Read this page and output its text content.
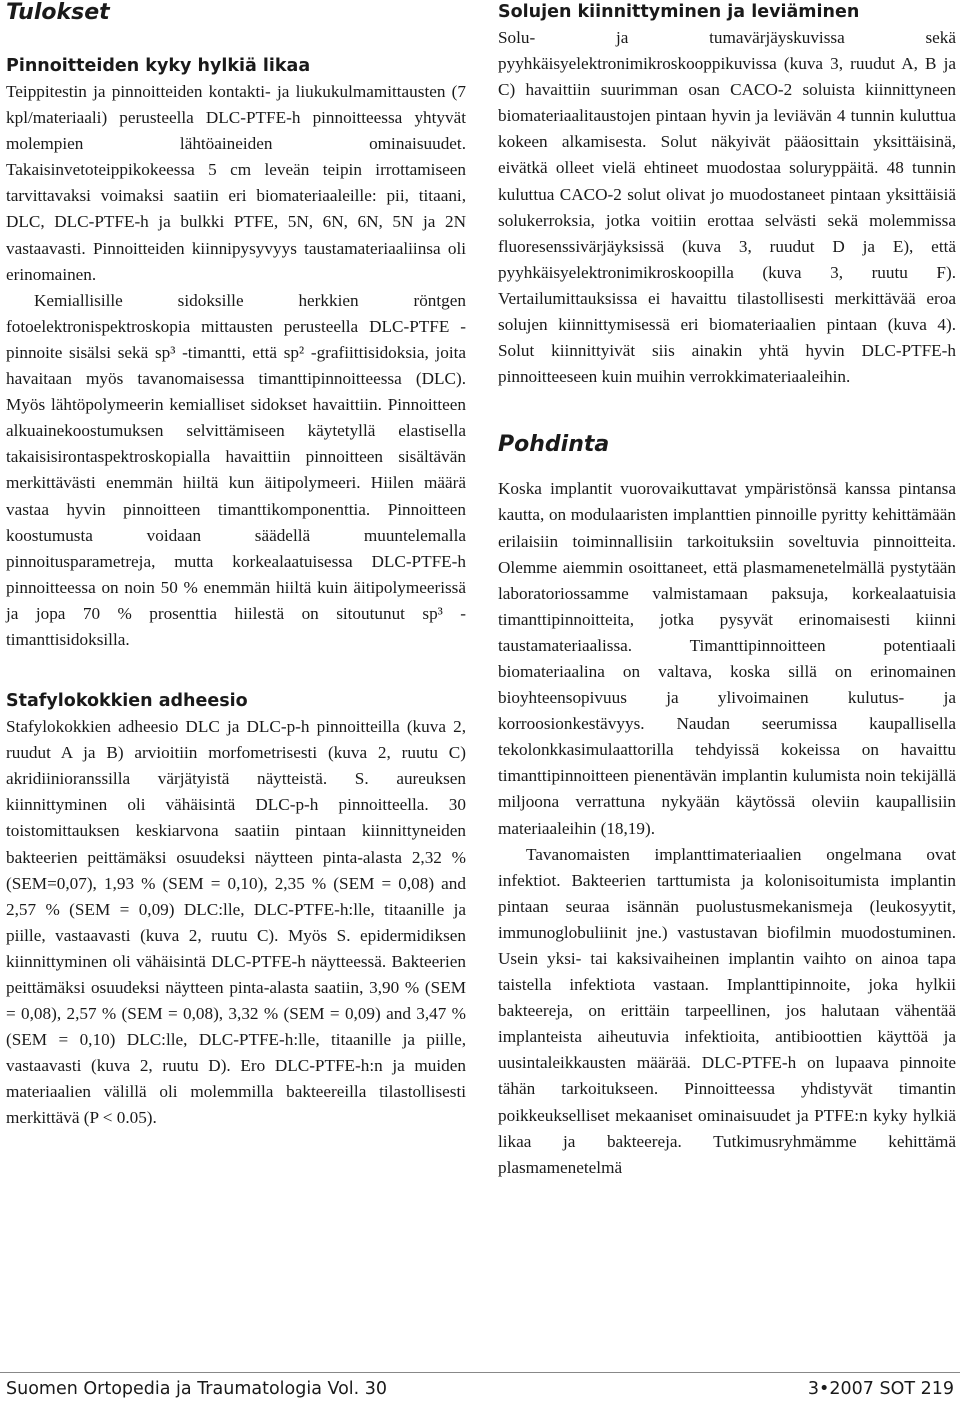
Tulokset
Pinnoitteiden kyky hylkiä likaa

Teippitestin ja pinnoitteiden kontakti- ja liukukulmamittausten (7 kpl/materiaali) perusteella DLC-PTFE-h pinnoitteessa yhtyvät molempien lähtöaineiden ominaisuudet. Takaisinvetoteippikokeessa 5 cm leveän teipin irrottamiseen tarvittavaksi voimaksi saatiin eri biomateriaaleille: pii, titaani, DLC, DLC-PTFE-h ja bulkki PTFE, 5N, 6N, 6N, 5N ja 2N vastaavasti. Pinnoitteiden kiinnipysyvyys taustamateriaaliinsa oli erinomainen.

Kemiallisille sidoksille herkkien röntgen fotoelektronispektroskopia mittausten perusteella DLC-PTFE -pinnoite sisälsi sekä sp³ -timantti, että sp² -grafiittisidoksia, joita havaitaan myös tavanomaisessa timanttipinnoitteessa (DLC). Myös lähtöpolymeerin kemialliset sidokset havaittiin. Pinnoitteen alkuainekoostumuksen selvittämiseen käytetyllä elastisella takaisisirontaspektroskopialla havaittiin pinnoitteen sisältävän merkittävästi enemmän hiiltä kun äitipolymeeri. Hiilen määrä vastaa hyvin pinnoitteen timanttikomponenttia. Pinnoitteen koostumusta voidaan säädellä muuntelemalla pinnoitusparametreja, mutta korkealaatuisessa DLC-PTFE-h pinnoitteessa on noin 50 % enemmän hiiltä kuin äitipolymeerissä ja jopa 70 % prosenttia hiilestä on sitoutunut sp³ -timanttisidoksilla.

Stafylokokkien adheesio

Stafylokokkien adheesio DLC ja DLC-p-h pinnoitteilla (kuva 2, ruudut A ja B) arvioitiin morfometrisesti (kuva 2, ruutu C) akridiinioranssilla värjätyistä näytteistä. S. aureuksen kiinnittyminen oli vähäisintä DLC-p-h pinnoitteella. 30 toistomittauksen keskiarvona saatiin pintaan kiinnittyneiden bakteerien peittämäksi osuudeksi näytteen pinta-alasta 2,32 % (SEM=0,07), 1,93 % (SEM = 0,10), 2,35 % (SEM = 0,08) and 2,57 % (SEM = 0,09) DLC:lle, DLC-PTFE-h:lle, titaanille ja piille, vastaavasti (kuva 2, ruutu C). Myös S. epidermidiksen kiinnittyminen oli vähäisintä DLC-PTFE-h näytteessä. Bakteerien peittämäksi osuudeksi näytteen pinta-alasta saatiin, 3,90 % (SEM = 0,08), 2,57 % (SEM = 0,08), 3,32 % (SEM = 0,09) and 3,47 % (SEM = 0,10) DLC:lle, DLC-PTFE-h:lle, titaanille ja piille, vastaavasti (kuva 2, ruutu D). Ero DLC-PTFE-h:n ja muiden materiaalien välillä oli molemmilla bakteereilla tilastollisesti merkittävä (P < 0.05).

Solujen kiinnittyminen ja leviäminen

Solu- ja tumavärjäyskuvissa sekä pyyhkäisyelektronimikroskooppikuvissa (kuva 3, ruudut A, B ja C) havaittiin suurimman osan CACO-2 soluista kiinnittyneen biomateriaalitaustojen pintaan hyvin ja leviävän 4 tunnin kuluttua kokeen alkamisesta. Solut näkyivät pääosittain yksittäisinä, eivätkä olleet vielä ehtineet muodostaa soluryppäitä. 48 tunnin kuluttua CACO-2 solut olivat jo muodostaneet pintaan yksittäisiä solukerroksia, jotka voitiin erottaa selvästi sekä molemmissa fluoresenssivärjäyksissä (kuva 3, ruudut D ja E), että pyyhkäisyelektronimikroskoopilla (kuva 3, ruutu F). Vertailumittauksissa ei havaittu tilastollisesti merkittävää eroa solujen kiinnittymisessä eri biomateriaalien pintaan (kuva 4). Solut kiinnittyivät siis ainakin yhtä hyvin DLC-PTFE-h pinnoitteeseen kuin muihin verrokkimateriaaleihin.

Pohdinta

Koska implantit vuorovaikuttavat ympäristönsä kanssa pintansa kautta, on modulaaristen implanttien pinnoille pyritty kehittämään erilaisiin toiminnallisiin tarkoituksiin soveltuvia pinnoitteita. Olemme aiemmin osoittaneet, että plasmamenetelmällä pystytään laboratoriossamme valmistamaan paksuja, korkealaatuisia timanttipinnoitteita, jotka pysyvät erinomaisesti kiinni taustamateriaalissa. Timanttipinnoitteen potentiaali biomateriaalina on valtava, koska sillä on erinomainen bioyhteensopivuus ja ylivoimainen kulutus- ja korroosionkestävyys. Naudan seerumissa kaupallisella tekolonkkasimulaattorilla tehdyissä kokeissa on havaittu timanttipinnoitteen pienentävän implantin kulumista noin tekijällä miljoona verrattuna nykyään käytössä oleviin kaupallisiin materiaaleihin (18,19).

Tavanomaisten implanttimateriaalien ongelmana ovat infektiot. Bakteerien tarttumista ja kolonisoitumista implantin pintaan seuraa isännän puolustusmekanismeja (leukosyytit, immunoglobuliinit jne.) vastustavan biofilmin muodostuminen. Usein yksi- tai kaksivaiheinen implantin vaihto on ainoa tapa taistella infektiota vastaan. Implanttipinnoite, joka hylkii bakteereja, on erittäin tarpeellinen, jos halutaan vähentää implanteista aiheutuvia infektioita, antibioottien käyttöä ja uusintaleikkausten määrää. DLC-PTFE-h on lupaava pinnoite tähän tarkoitukseen. Pinnoitteessa yhdistyvät timantin poikkeukselliset mekaaniset ominaisuudet ja PTFE:n kyky hylkiä likaa ja bakteereja. Tutkimusryhmämme kehittämä plasmamenetelmä

Suomen Ortopedia ja Traumatologia Vol. 30	3•2007 SOT 219
